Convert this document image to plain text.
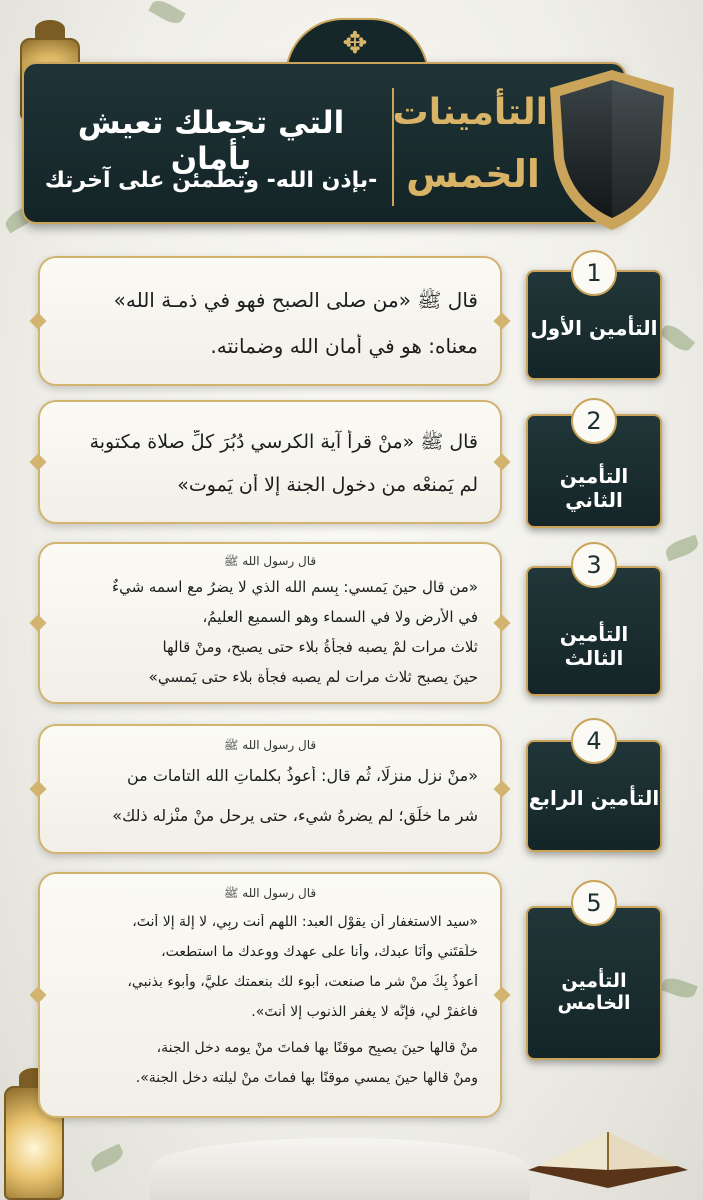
✥
التأمينات
الخمس
التي تجعلك تعيش بأمان
-بإذن الله- وتطمئن على آخرتك
قال ﷺ «من صلى الصبح فهو في ذمـة الله»
معناه: هو في أمان الله وضمانته.
التأمين الأول
1
قال ﷺ «منْ قرأ آية الكرسي دُبُرَ كلِّ صلاة مكتوبة
لم يَمنعْه من دخول الجنة إلا أن يَموت»	التأمين الثاني
2
قال رسول الله ﷺ
«من قال حينَ يَمسي: بِسم الله الذي لا يضرُ مع اسمه شيءٌ
في الأرض ولا في السماء وهو السميع العليمُ،
ثلاث مرات لمْ يصبه فجأةُ بلاء حتى يصبح، ومنْ قالها
حينَ يصبح ثلاث مرات لم يصبه فجأة بلاء حتى يَمسي»
التأمين الثالث
3
قال رسول الله ﷺ
«منْ نزل منزلًا، ثُم قال: أعوذُ بكلماتِ الله التامات من
شرِ ما خلَق؛ لم يضرهُ شيء، حتى يرحل منْ منْزله ذلك»
التأمين الرابع
4
قال رسول الله ﷺ
«سيد الاستغفار أن يقوْل العبد: اللهم أنت ربِي، لا إلهَ إلا أنتَ،
خلَقتَني وأنَا عبدك، وأنا على عهدك ووعدك ما استطعت،
أعوذُ بِكَ منْ شرِ ما صنعت، أبوء لك بنعمتك عليَّ، وأبوء بذنبي،
فاغفرْ لي، فإنَّه لا يغفر الذنوب إلا أنتَ».
منْ قالها حينَ يصبِح موقنًا بها فماتَ منْ يومه دخل الجنة،
ومنْ قالها حينَ يمسي موقنًا بها فماتَ منْ ليلته دخل الجنة».
التأمين الخامس
5
